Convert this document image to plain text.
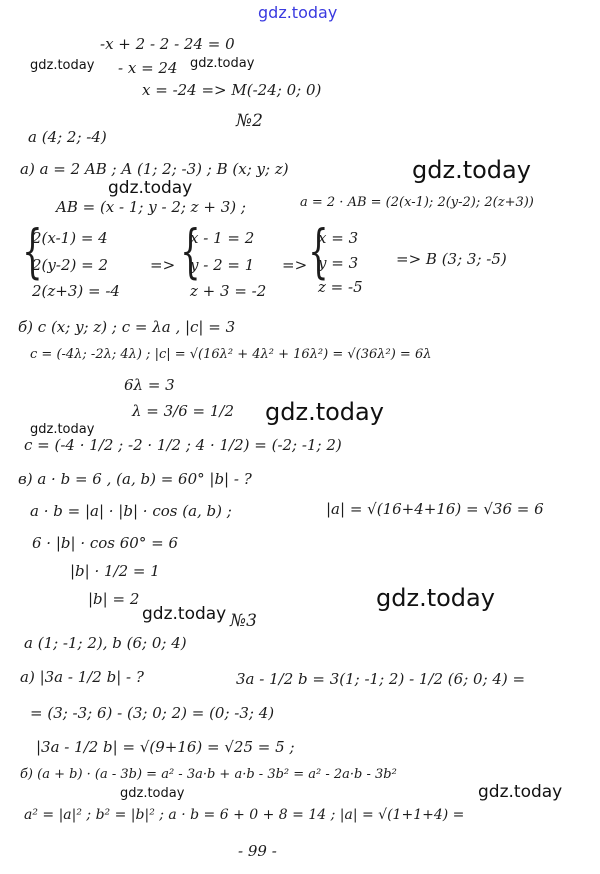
gdz.today
gdz.today	gdz.today
gdz.today
gdz.today
gdz.today
gdz.today
gdz.today
gdz.today
gdz.today	gdz.today
-x + 2 - 2 - 24 = 0
- x = 24
x = -24 => M(-24; 0; 0)
№2
a (4; 2; -4)
a) a = 2 AB ; A (1; 2; -3) ; B (x; y; z)
AB = (x - 1; y - 2; z + 3) ;	a = 2 · AB = (2(x-1); 2(y-2); 2(z+3))
{
2(x-1) = 4
2(y-2) = 2
2(z+3) = -4
=> {
x - 1 = 2
y - 2 = 1
z + 3 = -2
=> {
x = 3
y = 3
z = -5
=> B (3; 3; -5)
б) c (x; y; z) ; c = λa , |c| = 3
c = (-4λ; -2λ; 4λ) ; |c| = √(16λ² + 4λ² + 16λ²) = √(36λ²) = 6λ
6λ = 3
λ = 3/6 = 1/2
c = (-4 · 1/2 ; -2 · 1/2 ; 4 · 1/2) = (-2; -1; 2)
в) a · b = 6 , (a, b) = 60° |b| - ?
a · b = |a| · |b| · cos (a, b) ;	|a| = √(16+4+16) = √36 = 6
6 · |b| · cos 60° = 6
|b| · 1/2 = 1
|b| = 2
№3
a (1; -1; 2), b (6; 0; 4)
a) |3a - 1/2 b| - ?	3a - 1/2 b = 3(1; -1; 2) - 1/2 (6; 0; 4) =
= (3; -3; 6) - (3; 0; 2) = (0; -3; 4)
|3a - 1/2 b| = √(9+16) = √25 = 5 ;
б) (a + b) · (a - 3b) = a² - 3a·b + a·b - 3b² = a² - 2a·b - 3b²
a² = |a|² ; b² = |b|² ; a · b = 6 + 0 + 8 = 14 ; |a| = √(1+1+4) =
- 99 -
